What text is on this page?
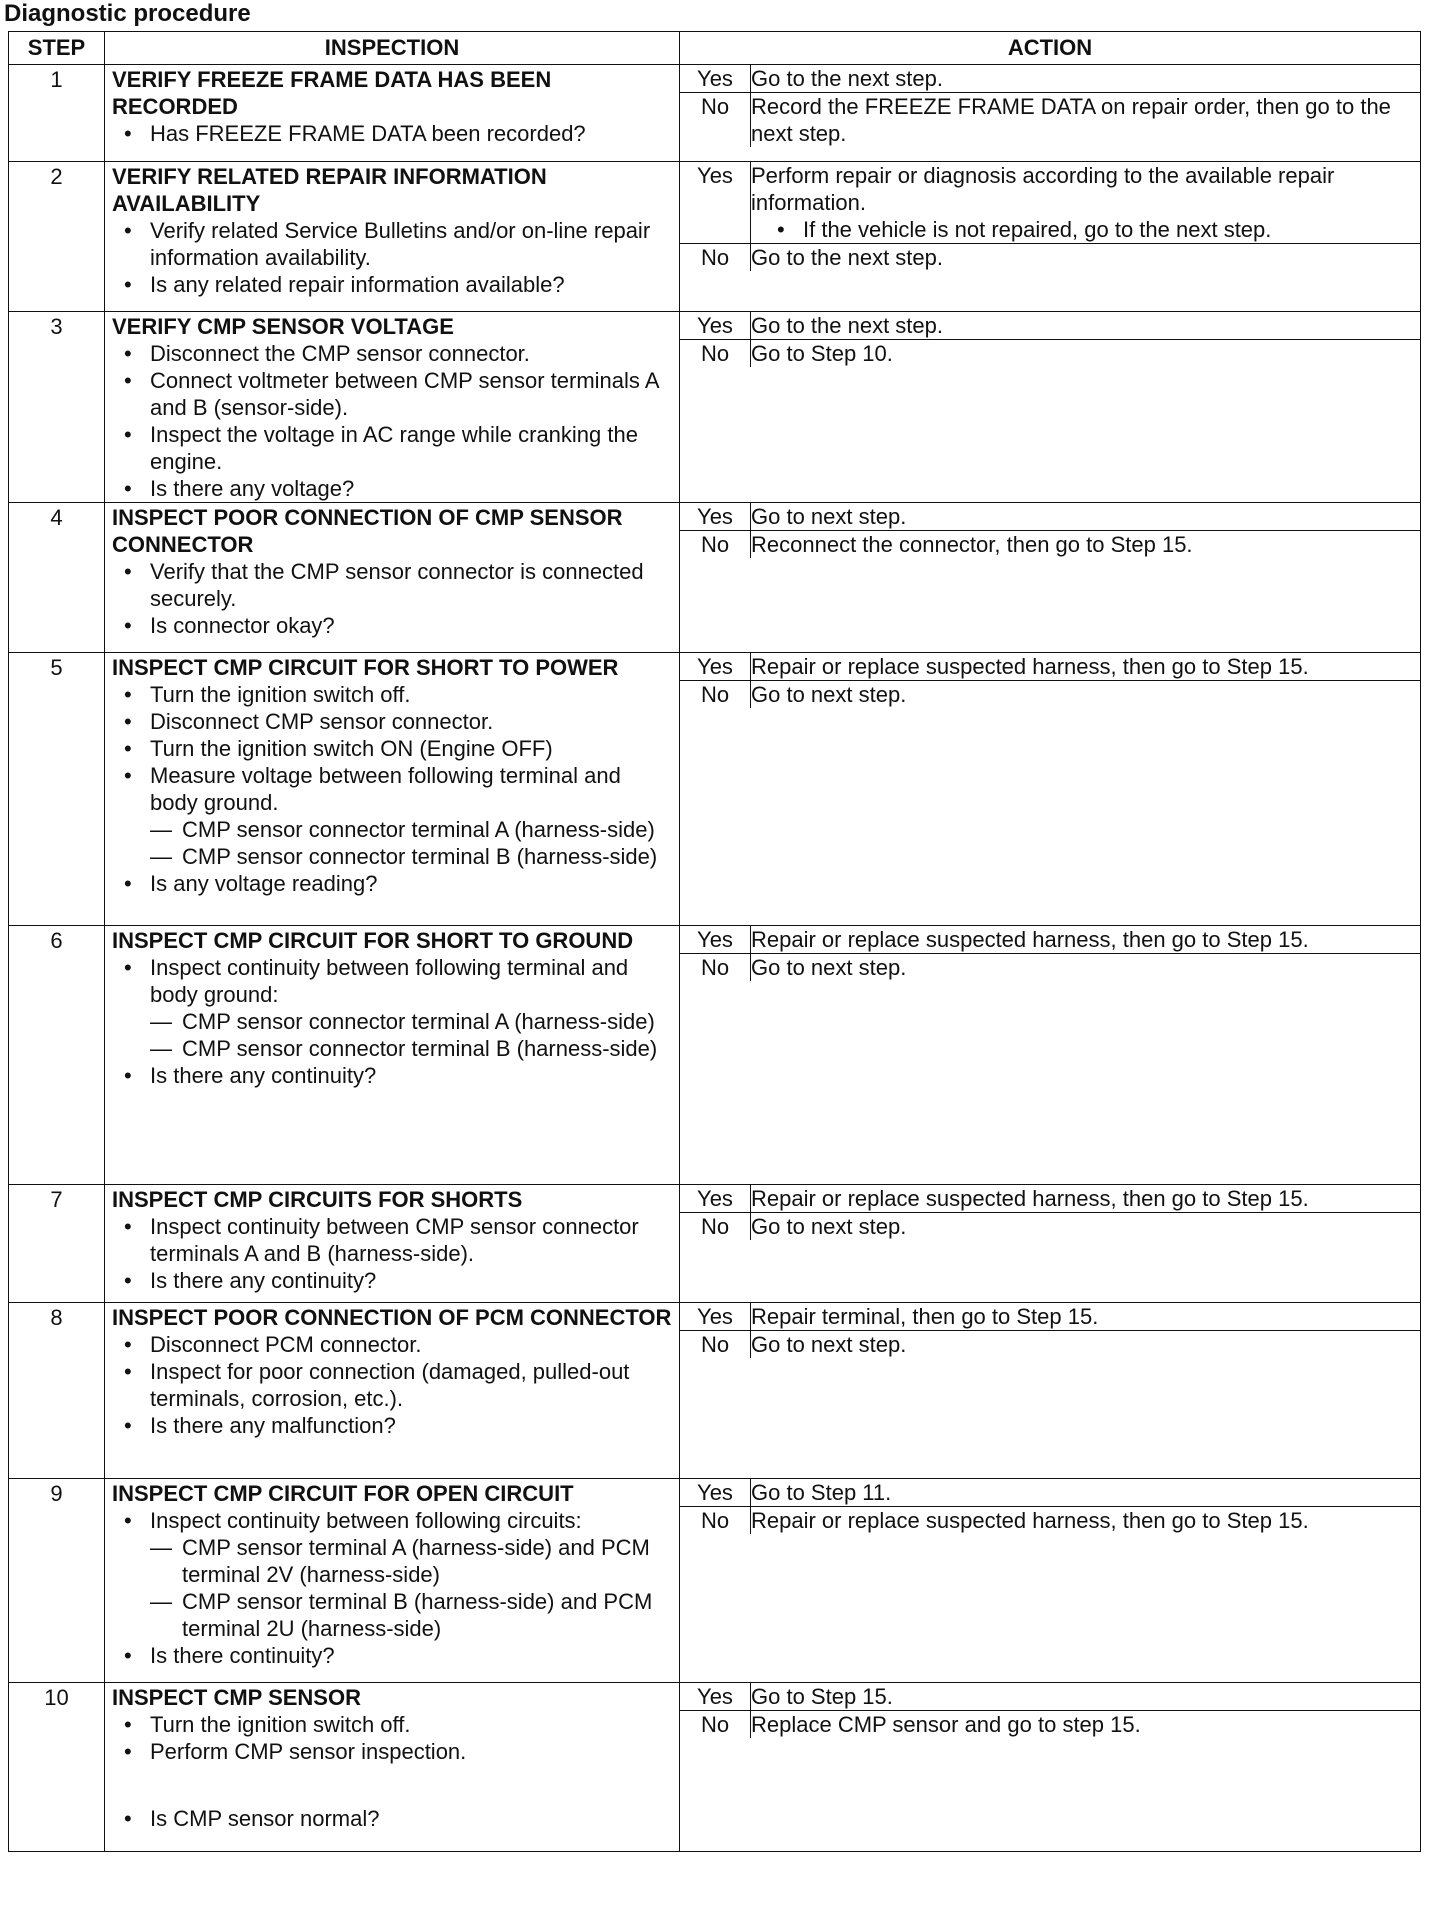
Diagnostic procedure
STEP	INSPECTION	ACTION
1	VERIFY FREEZE FRAME DATA HAS BEEN RECORDED
• Has FREEZE FRAME DATA been recorded?

Yes	Go to the next step.

No	Record the FREEZE FRAME DATA on repair order, then go to the next step.

2	VERIFY RELATED REPAIR INFORMATION AVAILABILITY
• Verify related Service Bulletins and/or on-line repair information availability.
• Is any related repair information available?

Yes	Perform repair or diagnosis according to the available repair information.
• If the vehicle is not repaired, go to the next step.

No	Go to the next step.

3	VERIFY CMP SENSOR VOLTAGE
• Disconnect the CMP sensor connector.
• Connect voltmeter between CMP sensor terminals A and B (sensor-side).
• Inspect the voltage in AC range while cranking the engine.
• Is there any voltage?

Yes	Go to the next step.

No	Go to Step 10.

4	INSPECT POOR CONNECTION OF CMP SENSOR CONNECTOR
• Verify that the CMP sensor connector is connected securely.
• Is connector okay?

Yes	Go to next step.

No	Reconnect the connector, then go to Step 15.

5	INSPECT CMP CIRCUIT FOR SHORT TO POWER
• Turn the ignition switch off.
• Disconnect CMP sensor connector.
• Turn the ignition switch ON (Engine OFF)
• Measure voltage between following terminal and body ground.
— CMP sensor connector terminal A (harness-side)
— CMP sensor connector terminal B (harness-side)
• Is any voltage reading?

Yes	Repair or replace suspected harness, then go to Step 15.

No	Go to next step.

6	INSPECT CMP CIRCUIT FOR SHORT TO GROUND
• Inspect continuity between following terminal and body ground:
— CMP sensor connector terminal A (harness-side)
— CMP sensor connector terminal B (harness-side)
• Is there any continuity?

Yes	Repair or replace suspected harness, then go to Step 15.

No	Go to next step.

7	INSPECT CMP CIRCUITS FOR SHORTS
• Inspect continuity between CMP sensor connector terminals A and B (harness-side).
• Is there any continuity?

Yes	Repair or replace suspected harness, then go to Step 15.

No	Go to next step.

8	INSPECT POOR CONNECTION OF PCM CONNECTOR
• Disconnect PCM connector.
• Inspect for poor connection (damaged, pulled-out terminals, corrosion, etc.).
• Is there any malfunction?

Yes	Repair terminal, then go to Step 15.

No	Go to next step.

9	INSPECT CMP CIRCUIT FOR OPEN CIRCUIT
• Inspect continuity between following circuits:
— CMP sensor terminal A (harness-side) and PCM terminal 2V (harness-side)
— CMP sensor terminal B (harness-side) and PCM terminal 2U (harness-side)
• Is there continuity?

Yes	Go to Step 11.

No	Repair or replace suspected harness, then go to Step 15.

10	INSPECT CMP SENSOR
• Turn the ignition switch off.
• Perform CMP sensor inspection.
• Is CMP sensor normal?

Yes	Go to Step 15.

No	Replace CMP sensor and go to step 15.
